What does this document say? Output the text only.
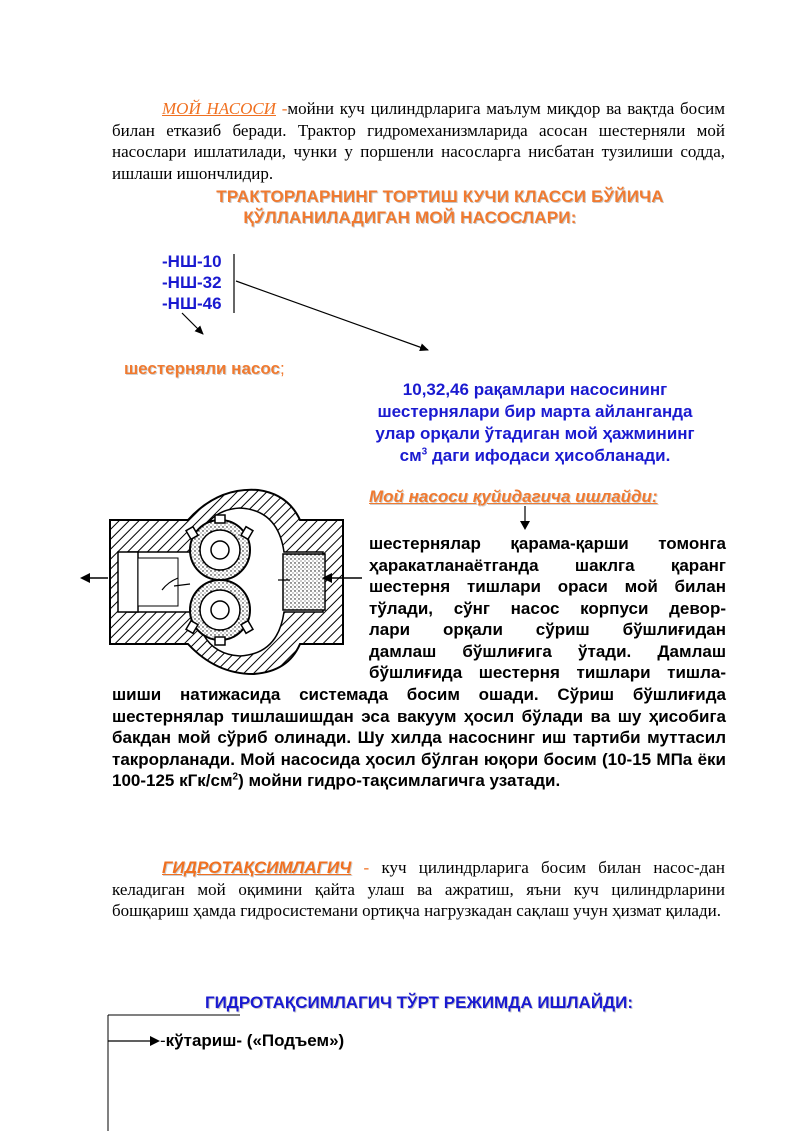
МОЙ НАСОСИ -мойни куч цилиндрларига маълум миқдор ва вақтда босим билан етказиб беради. Трактор гидромеханизмларида асосан шестерняли мой насослари ишлатилади, чунки у поршенли насосларга нисбатан тузилиши содда, ишлаши ишончлидир.
ТРАКТОРЛАРНИНГ ТОРТИШ КУЧИ КЛАССИ БЎЙИЧА
ҚЎЛЛАНИЛАДИГАН МОЙ НАСОСЛАРИ:
-НШ-10
-НШ-32
-НШ-46
шестерняли насос;
10,32,46 рақамлари насосининг
шестернялари бир марта айланганда
улар орқали ўтадиган мой ҳажмининг
$см^3$ даги ифодаси ҳисобланади.
Мой насоси қуйидагича ишлайди:
шестернялар қарама-қарши томонга
ҳаракатланаётганда шаклга қаранг
шестерня тишлари ораси мой билан
тўлади, сўнг насос корпуси девор-
лари орқали сўриш бўшлиғидан
дамлаш бўшлиғига ўтади. Дамлаш
бўшлиғида шестерня тишлари тишла-
шиши натижасида системада босим ошади. Сўриш бўшлиғида шестернялар тишлашишдан эса вакуум ҳосил бўлади ва шу ҳисобига бакдан мой сўриб олинади. Шу хилда насоснинг иш тартиби муттасил такрорланади. Мой насосида ҳосил бўлган юқори босим (10-15 МПа ёки 100-125 кГк/$см^2$) мойни гидро-тақсимлагичга узатади.
ГИДРОТАҚСИМЛАГИЧ - куч цилиндрларига босим билан насос-дан келадиган мой оқимини қайта улаш ва ажратиш, яъни куч цилиндрларини бошқариш ҳамда гидросистемани ортиқча нагрузкадан сақлаш учун ҳизмат қилади.
ГИДРОТАҚСИМЛАГИЧ ТЎРТ РЕЖИМДА ИШЛАЙДИ:
-кўтариш- («Подъем»)
